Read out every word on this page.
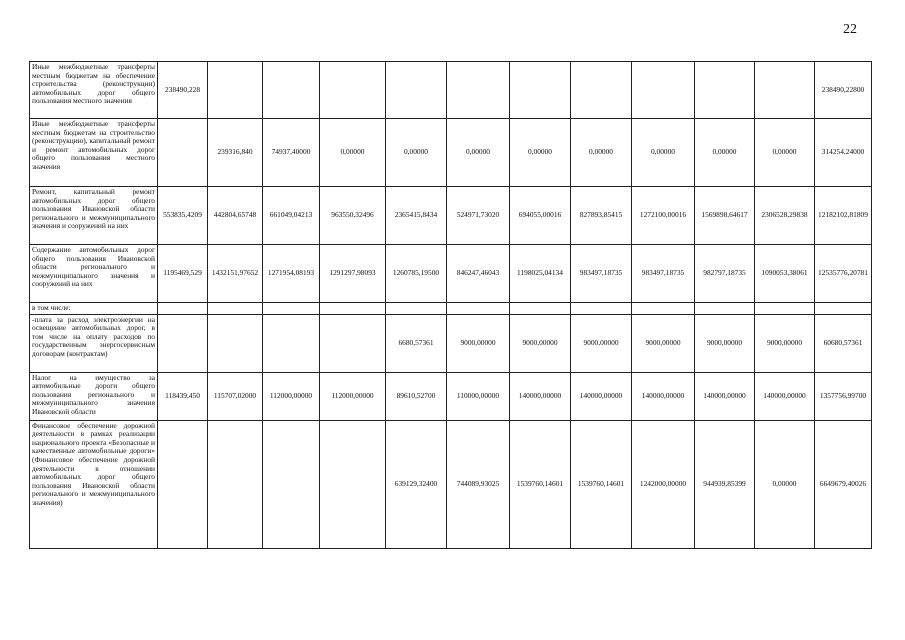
22
Иные межбюджетные трансферты местным бюджетам на обеспечение строительства (реконструкции) автомобильных дорог общего пользования местного значения	238490,228											238490,22800
Иные межбюджетные трансферты местным бюджетам на строительство (реконструкцию), капитальный ремонт и ремонт автомобильных дорог общего пользования местного значения		239316,840	74937,40000	0,00000	0,00000	0,00000	0,00000	0,00000	0,00000	0,00000	0,00000	314254,24000
Ремонт, капитальный ремонт автомобильных дорог общего пользования Ивановской области регионального и межмуниципального значения и сооружений на них	553835,4209	442804,65748	661049,04213	963550,32496	2365415,8434	524971,73020	694055,00016	827893,85415	1272100,00016	1569898,64617	2306528,29838	12182102,81809
Содержание автомобильных дорог общего пользования Ивановской области регионального и межмуниципального значения и сооружений на них	1195469,529	1432151,97652	1271954,08193	1291297,98093	1260785,19500	846247,46043	1198025,04134	983497,18735	983497,18735	982797,18735	1090053,38061	12535776,20781
в том числе:												
-плата за расход электроэнергии на освещение автомобильных дорог, в том числе на оплату расходов по государственным энергосервисным договорам (контрактам)					6680,57361	9000,00000	9000,00000	9000,00000	9000,00000	9000,00000	9000,00000	60680,57361
Налог на имущество за автомобильные дороги общего пользования регионального и межмуниципального значения Ивановской области	118439,450	115707,02000	112000,00000	112000,00000	89610,52700	110000,00000	140000,00000	140000,00000	140000,00000	140000,00000	140000,00000	1357756,99700
Финансовое обеспечение дорожной деятельности в рамках реализации национального проекта «Безопасные и качественные автомобильные дороги» (Финансовое обеспечение дорожной деятельности в отношении автомобильных дорог общего пользования Ивановской области регионального и межмуниципального значения)					639129,32400	744089,93025	1539760,14601	1539760,14601	1242000,00000	944939,85399	0,00000	6649679,40026
